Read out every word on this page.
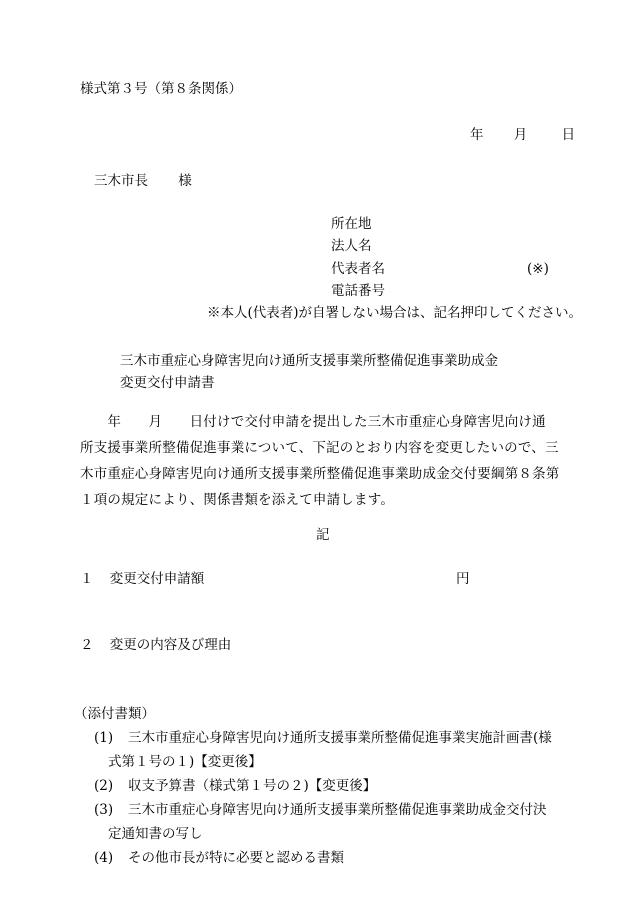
様式第３号（第８条関係）
年 月	日
三木市長 様
所在地
法人名
代表者名	(※)
電話番号
※本人(代表者)が自署しない場合は、記名押印してください。
三木市重症心身障害児向け通所支援事業所整備促進事業助成金
変更交付申請書

　　年　　月　　日付けで交付申請を提出した三木市重症心身障害児向け通

所支援事業所整備促進事業について、下記のとおり内容を変更したいので、三

木市重症心身障害児向け通所支援事業所整備促進事業助成金交付要綱第８条第

１項の規定により、関係書類を添えて申請します。

記
１ 変更交付申請額	円
２ 変更の内容及び理由
（添付書類）
(1)	三木市重症心身障害児向け通所支援事業所整備促進事業実施計画書(様
式第１号の１)【変更後】
(2)	収支予算書（様式第１号の２)【変更後】
(3)	三木市重症心身障害児向け通所支援事業所整備促進事業助成金交付決
定通知書の写し
(4)	その他市長が特に必要と認める書類
